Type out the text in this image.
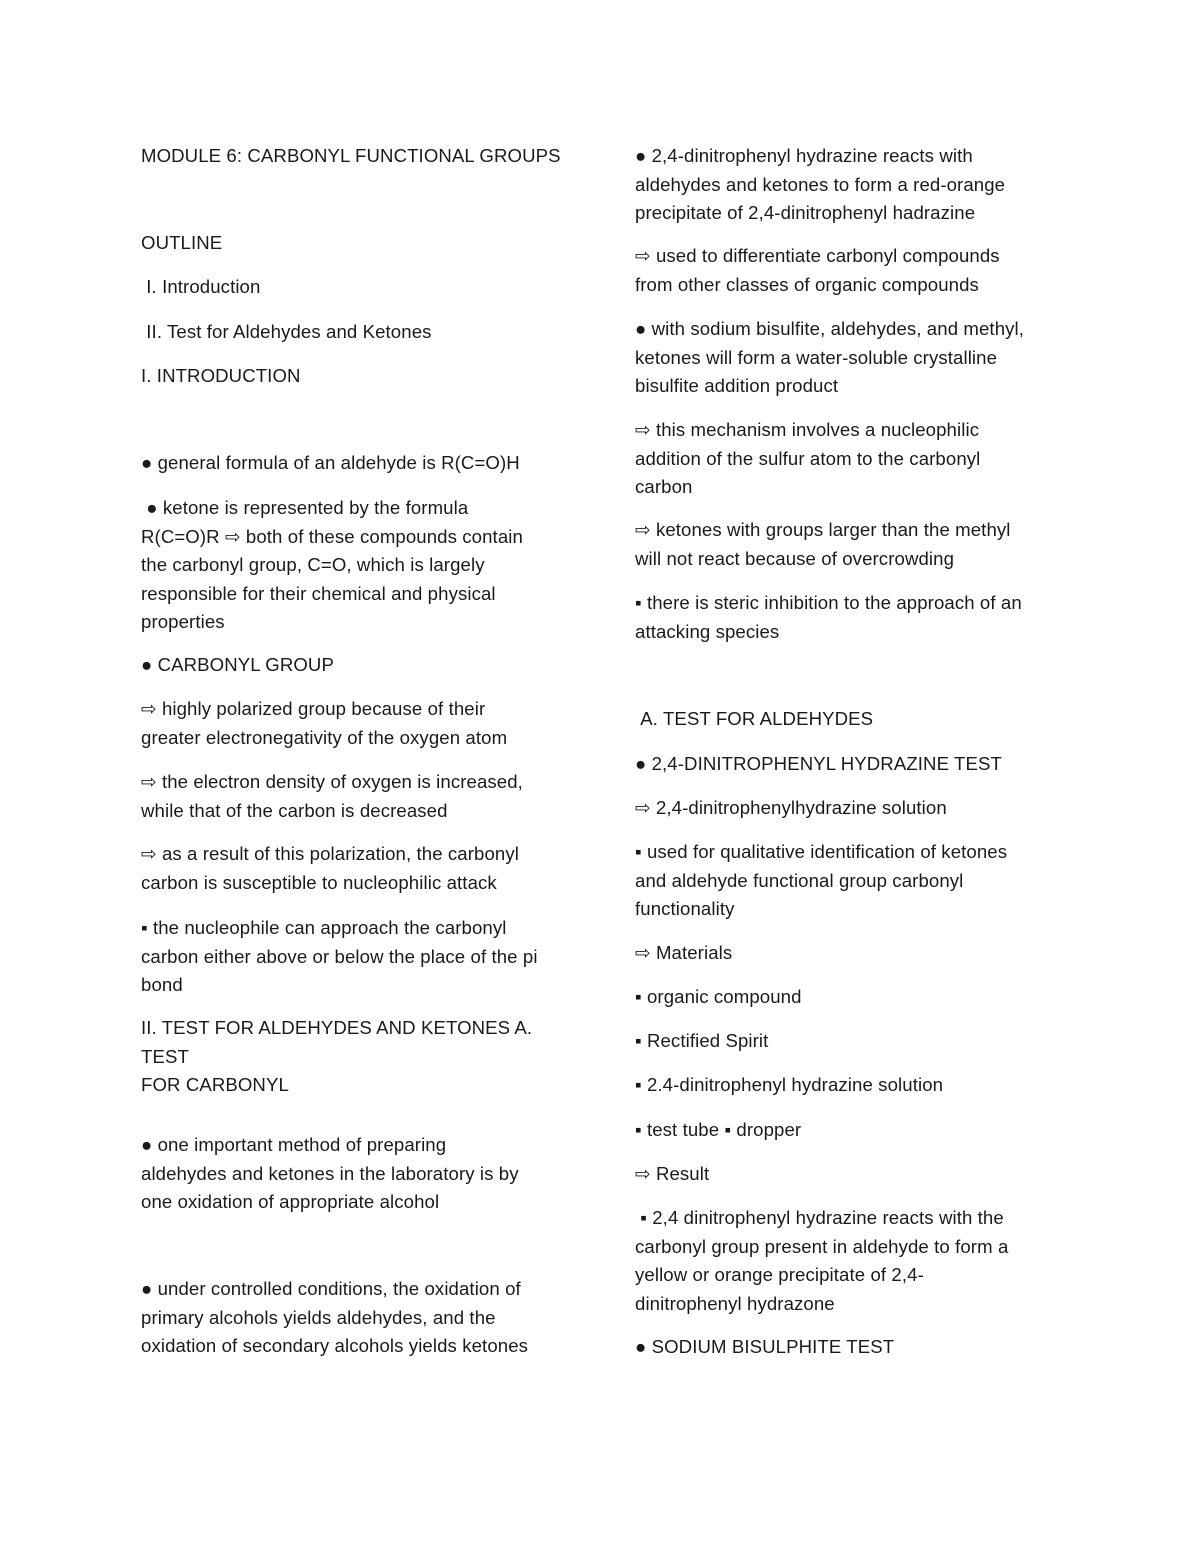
MODULE 6: CARBONYL FUNCTIONAL GROUPS

OUTLINE

I. Introduction

II. Test for Aldehydes and Ketones

I. INTRODUCTION

● general formula of an aldehyde is R(C=O)H

● ketone is represented by the formula
R(C=O)R ⇨ both of these compounds contain
the carbonyl group, C=O, which is largely
responsible for their chemical and physical
properties

● CARBONYL GROUP

⇨ highly polarized group because of their
greater electronegativity of the oxygen atom

⇨ the electron density of oxygen is increased,
while that of the carbon is decreased

⇨ as a result of this polarization, the carbonyl
carbon is susceptible to nucleophilic attack

▪ the nucleophile can approach the carbonyl
carbon either above or below the place of the pi
bond

II. TEST FOR ALDEHYDES AND KETONES A. TEST
FOR CARBONYL

● one important method of preparing
aldehydes and ketones in the laboratory is by
one oxidation of appropriate alcohol

● under controlled conditions, the oxidation of
primary alcohols yields aldehydes, and the
oxidation of secondary alcohols yields ketones

● 2,4-dinitrophenyl hydrazine reacts with
aldehydes and ketones to form a red-orange
precipitate of 2,4-dinitrophenyl hadrazine

⇨ used to differentiate carbonyl compounds
from other classes of organic compounds

● with sodium bisulfite, aldehydes, and methyl,
ketones will form a water-soluble crystalline
bisulfite addition product

⇨ this mechanism involves a nucleophilic
addition of the sulfur atom to the carbonyl
carbon

⇨ ketones with groups larger than the methyl
will not react because of overcrowding

▪ there is steric inhibition to the approach of an
attacking species

A. TEST FOR ALDEHYDES

● 2,4-DINITROPHENYL HYDRAZINE TEST

⇨ 2,4-dinitrophenylhydrazine solution

▪ used for qualitative identification of ketones
and aldehyde functional group carbonyl
functionality

⇨ Materials

▪ organic compound

▪ Rectified Spirit

▪ 2.4-dinitrophenyl hydrazine solution

▪ test tube ▪ dropper

⇨ Result

▪ 2,4 dinitrophenyl hydrazine reacts with the
carbonyl group present in aldehyde to form a
yellow or orange precipitate of 2,4-
dinitrophenyl hydrazone

● SODIUM BISULPHITE TEST
